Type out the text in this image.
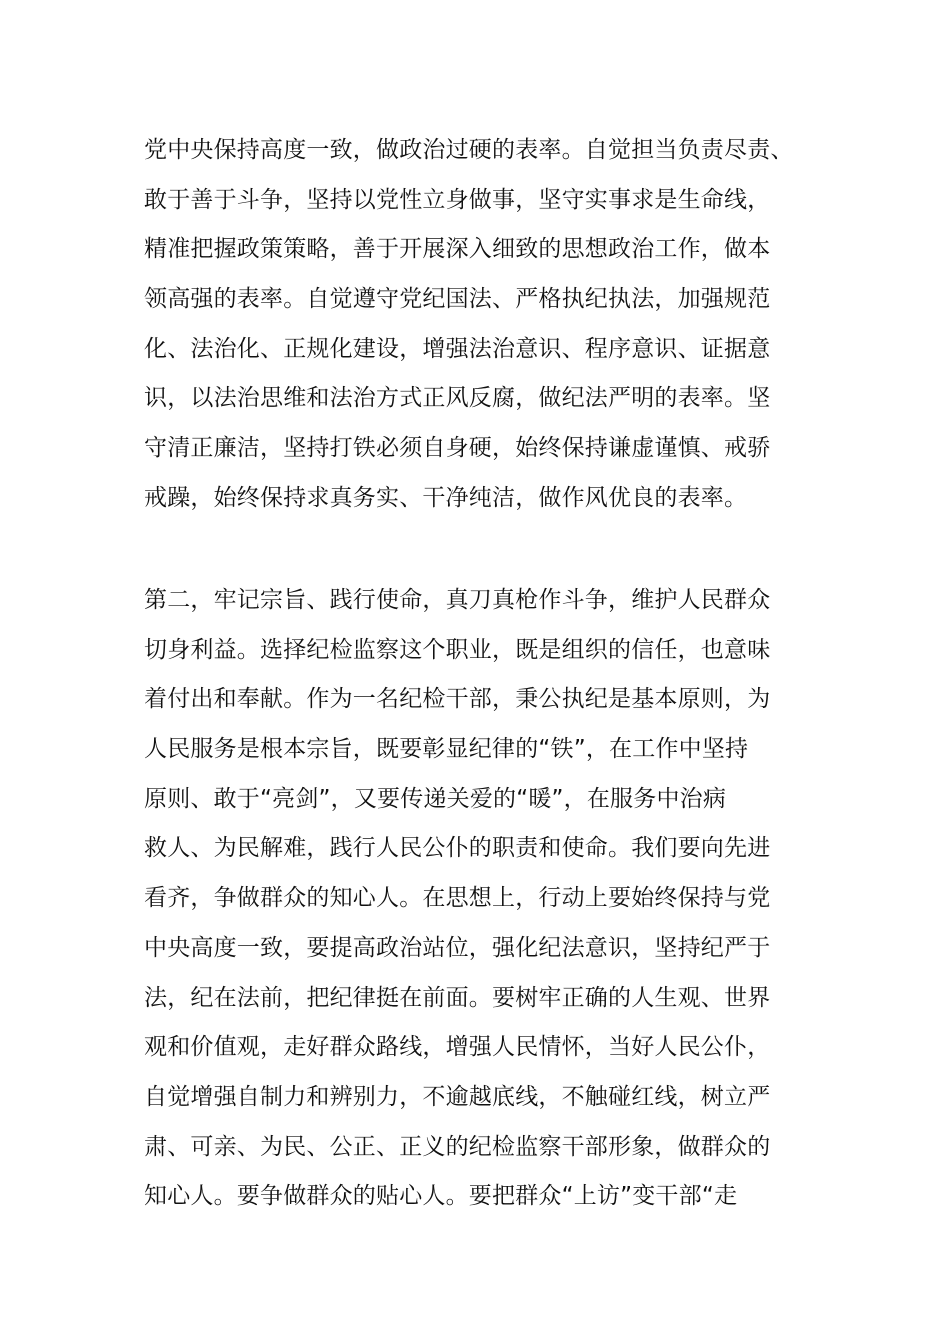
党中央保持高度一致，做政治过硬的表率。自觉担当负责尽责、
敢于善于斗争，坚持以党性立身做事，坚守实事求是生命线，
精准把握政策策略，善于开展深入细致的思想政治工作，做本
领高强的表率。自觉遵守党纪国法、严格执纪执法，加强规范
化、法治化、正规化建设，增强法治意识、程序意识、证据意
识，以法治思维和法治方式正风反腐，做纪法严明的表率。坚
守清正廉洁，坚持打铁必须自身硬，始终保持谦虚谨慎、戒骄
戒躁，始终保持求真务实、干净纯洁，做作风优良的表率。
第二，牢记宗旨、践行使命，真刀真枪作斗争，维护人民群众
切身利益。选择纪检监察这个职业，既是组织的信任，也意味
着付出和奉献。作为一名纪检干部，秉公执纪是基本原则，为
人民服务是根本宗旨，既要彰显纪律的“铁”，在工作中坚持
原则、敢于“亮剑”，又要传递关爱的“暖”，在服务中治病
救人、为民解难，践行人民公仆的职责和使命。我们要向先进
看齐，争做群众的知心人。在思想上，行动上要始终保持与党
中央高度一致，要提高政治站位，强化纪法意识，坚持纪严于
法，纪在法前，把纪律挺在前面。要树牢正确的人生观、世界
观和价值观，走好群众路线，增强人民情怀，当好人民公仆，
自觉增强自制力和辨别力，不逾越底线，不触碰红线，树立严
肃、可亲、为民、公正、正义的纪检监察干部形象，做群众的
知心人。要争做群众的贴心人。要把群众“上访”变干部“走
